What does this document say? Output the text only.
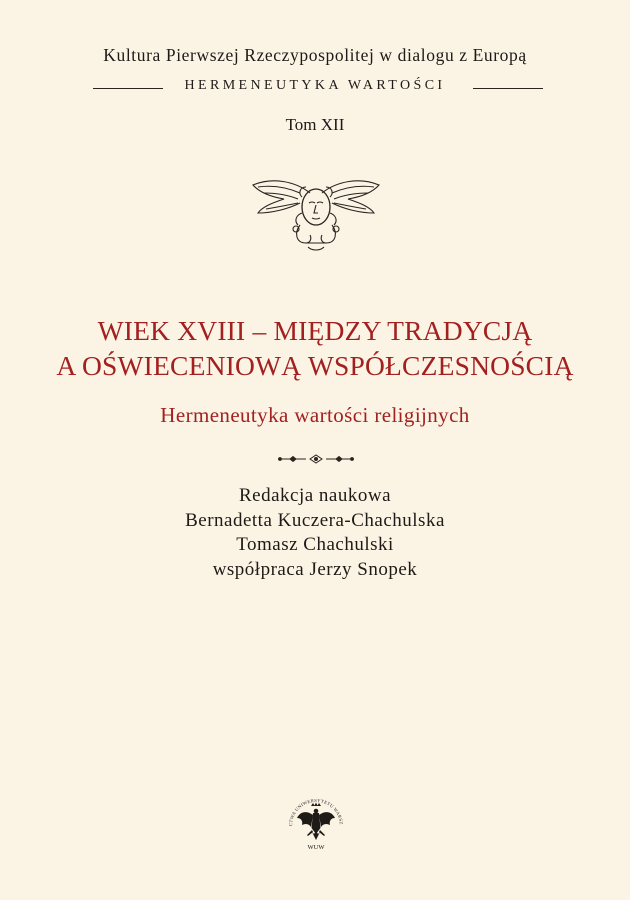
Kultura Pierwszej Rzeczypospolitej w dialogu z Europą
HERMENEUTYKA WARTOŚCI
Tom XII
WIEK XVIII – MIĘDZY TRADYCJĄ
A OŚWIECENIOWĄ WSPÓŁCZESNOŚCIĄ
Hermeneutyka wartości religijnych
Redakcja naukowa
Bernadetta Kuczera-Chachulska
Tomasz Chachulski
współpraca Jerzy Snopek
CTWA UNIWERSYTETU WARSZ
WUW
